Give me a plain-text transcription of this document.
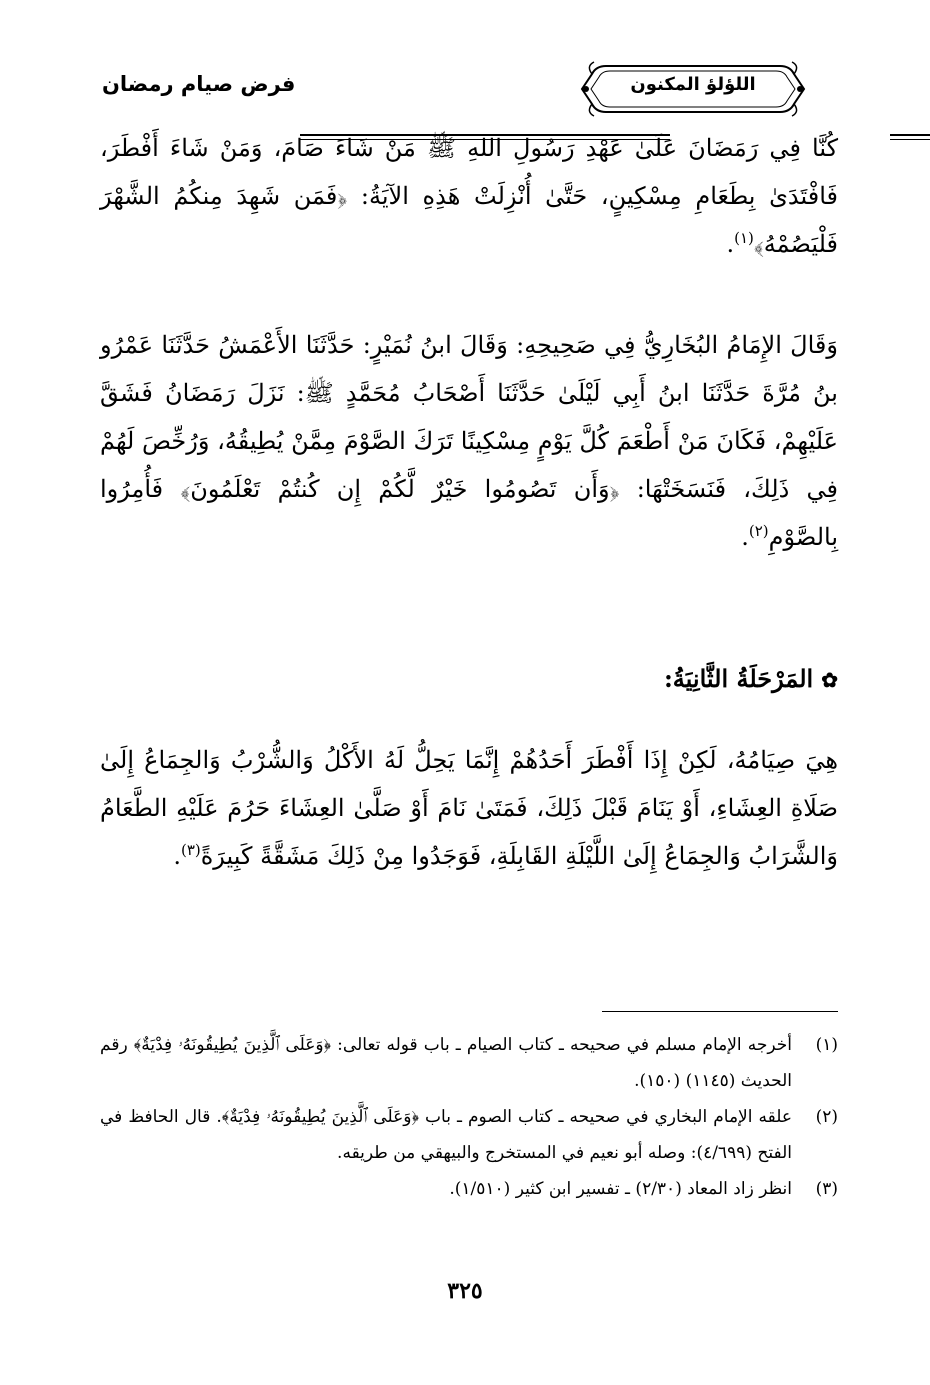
فرض صيام رمضان	اللؤلؤ المكنون

كُنَّا فِي رَمَضَانَ عَلَىٰ عَهْدِ رَسُولِ اللهِ ﷺ مَنْ شَاءَ صَامَ، وَمَنْ شَاءَ أَفْطَرَ، فَافْتَدَىٰ بِطَعَامِ مِسْكِينٍ، حَتَّىٰ أُنْزِلَتْ هَذِهِ الآيَةُ: ﴿فَمَن شَهِدَ مِنكُمُ الشَّهْرَ فَلْيَصُمْهُ﴾$^{(١)}$.

وَقَالَ الإِمَامُ البُخَارِيُّ فِي صَحِيحِهِ: وَقَالَ ابنُ نُمَيْرٍ: حَدَّثَنَا الأَعْمَشُ حَدَّثَنَا عَمْرُو بنُ مُرَّةَ حَدَّثَنَا ابنُ أَبِي لَيْلَىٰ حَدَّثَنَا أَصْحَابُ مُحَمَّدٍ ﷺ: نَزَلَ رَمَضَانُ فَشَقَّ عَلَيْهِمْ، فَكَانَ مَنْ أَطْعَمَ كُلَّ يَوْمٍ مِسْكِينًا تَرَكَ الصَّوْمَ مِمَّنْ يُطِيقُهُ، وَرُخِّصَ لَهُمْ فِي ذَلِكَ، فَنَسَخَتْهَا: ﴿وَأَن تَصُومُوا خَيْرٌ لَّكُمْ إِن كُنتُمْ تَعْلَمُونَ﴾ فَأُمِرُوا بِالصَّوْمِ$^{(٢)}$.

✿المَرْحَلَةُ الثَّانِيَةُ:

هِيَ صِيَامُهُ، لَكِنْ إِذَا أَفْطَرَ أَحَدُهُمْ إِنَّمَا يَحِلُّ لَهُ الأَكْلُ وَالشُّرْبُ وَالجِمَاعُ إِلَىٰ صَلَاةِ العِشَاءِ، أَوْ يَنَامَ قَبْلَ ذَلِكَ، فَمَتَىٰ نَامَ أَوْ صَلَّىٰ العِشَاءَ حَرُمَ عَلَيْهِ الطَّعَامُ وَالشَّرَابُ وَالجِمَاعُ إِلَىٰ اللَّيْلَةِ القَابِلَةِ، فَوَجَدُوا مِنْ ذَلِكَ مَشَقَّةً كَبِيرَةً$^{(٣)}$.

(١)
أخرجه الإمام مسلم في صحيحه ـ كتاب الصيام ـ باب قوله تعالى: ﴿وَعَلَى ٱلَّذِينَ يُطِيقُونَهُۥ فِدْيَةٌ﴾ رقم الحديث (١١٤٥) (١٥٠).
(٢)
علقه الإمام البخاري في صحيحه ـ كتاب الصوم ـ باب ﴿وَعَلَى ٱلَّذِينَ يُطِيقُونَهُۥ فِدْيَةٌ﴾. قال الحافظ في الفتح (٤/٦٩٩): وصله أبو نعيم في المستخرج والبيهقي من طريقه.
(٣)
انظر زاد المعاد (٢/٣٠) ـ تفسير ابن كثير (١/٥١٠).
٣٢٥
